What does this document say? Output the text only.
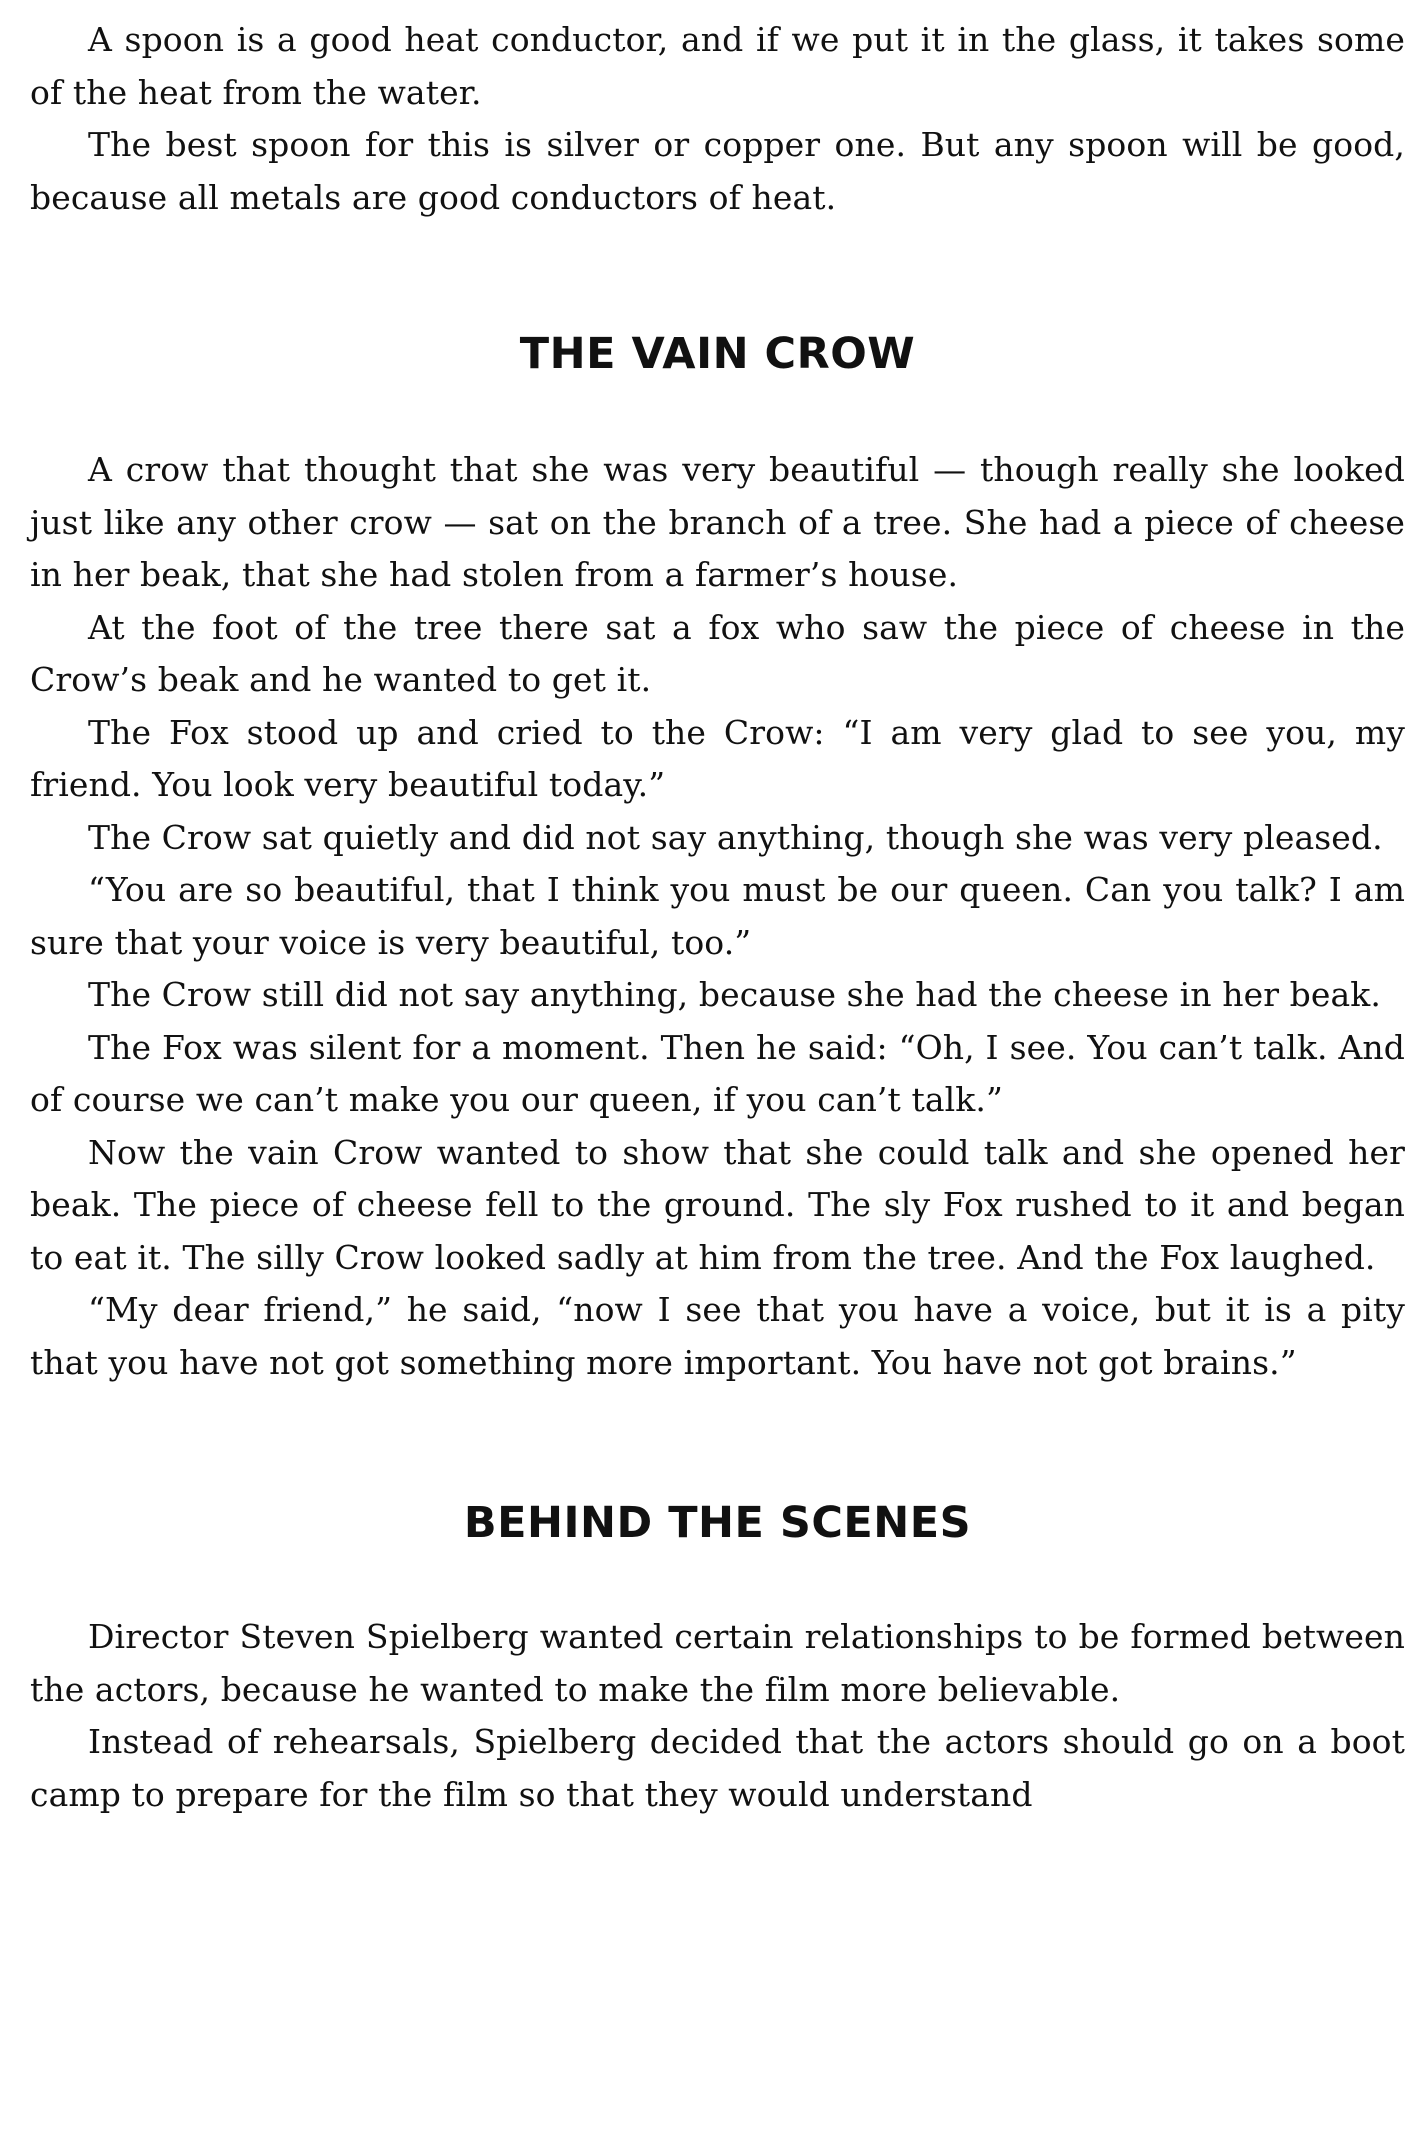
A spoon is a good heat conductor, and if we put it in the glass, it takes some of the heat from the water.

The best spoon for this is silver or copper one. But any spoon will be good, because all metals are good conductors of heat.

THE VAIN CROW

A crow that thought that she was very beautiful — though really she looked just like any other crow — sat on the branch of a tree. She had a piece of cheese in her beak, that she had stolen from a farmer’s house.

At the foot of the tree there sat a fox who saw the piece of cheese in the Crow’s beak and he wanted to get it.

The Fox stood up and cried to the Crow: “I am very glad to see you, my friend. You look very beautiful today.”

The Crow sat quietly and did not say anything, though she was very pleased.

“You are so beautiful, that I think you must be our queen. Can you talk? I am sure that your voice is very beautiful, too.”

The Crow still did not say anything, because she had the cheese in her beak.

The Fox was silent for a moment. Then he said: “Oh, I see. You can’t talk. And of course we can’t make you our queen, if you can’t talk.”

Now the vain Crow wanted to show that she could talk and she opened her beak. The piece of cheese fell to the ground. The sly Fox rushed to it and began to eat it. The silly Crow looked sadly at him from the tree. And the Fox laughed.

“My dear friend,” he said, “now I see that you have a voice, but it is a pity that you have not got something more important. You have not got brains.”

BEHIND THE SCENES

Director Steven Spielberg wanted certain relationships to be formed between the actors, because he wanted to make the film more believable.

Instead of rehearsals, Spielberg decided that the actors should go on a boot camp to prepare for the film so that they would understand
